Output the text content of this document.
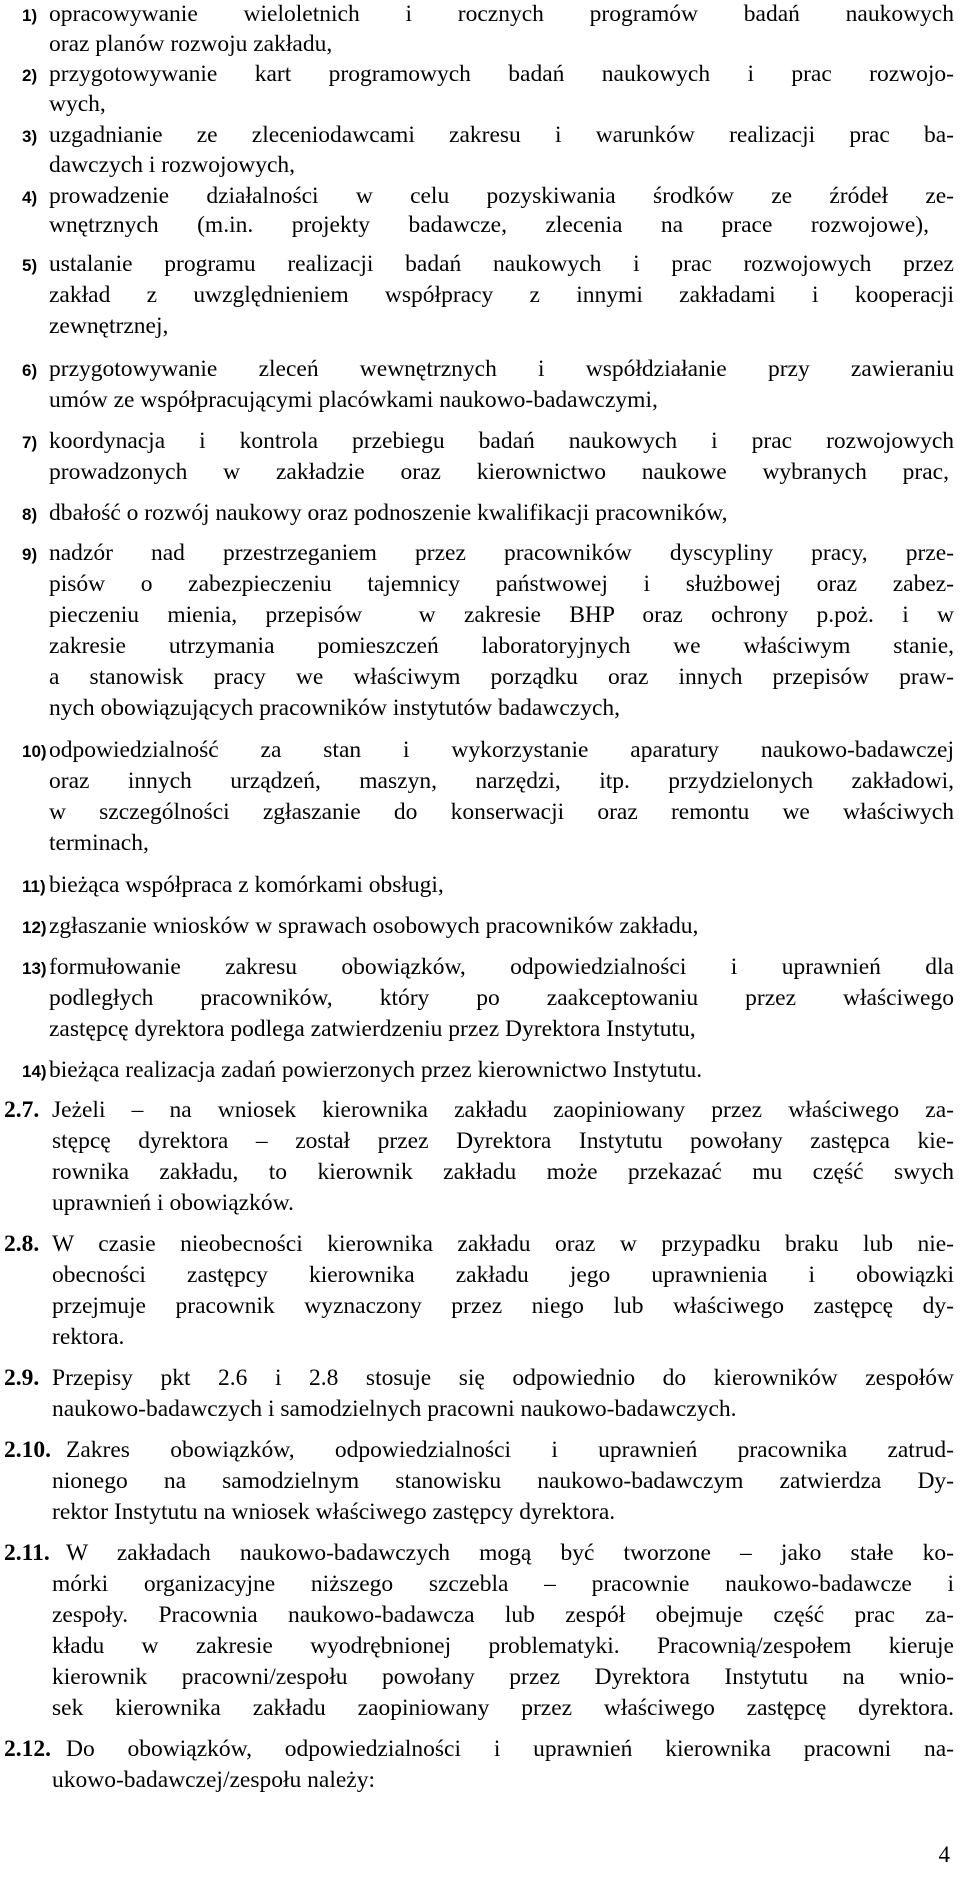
1) opracowywanie wieloletnich i rocznych programów badań naukowych
oraz planów rozwoju zakładu,
2) przygotowywanie kart programowych badań naukowych i prac rozwojo-
wych,
3) uzgadnianie ze zleceniodawcami zakresu i warunków realizacji prac ba-
dawczych i rozwojowych,
4) prowadzenie działalności w celu pozyskiwania środków ze źródeł ze-
wnętrznych (m.in. projekty badawcze, zlecenia na prace rozwojowe),
5) ustalanie programu realizacji badań naukowych i prac rozwojowych przez
zakład z uwzględnieniem współpracy z innymi zakładami i kooperacji
zewnętrznej,
6) przygotowywanie zleceń wewnętrznych i współdziałanie przy zawieraniu
umów ze współpracującymi placówkami naukowo-badawczymi,
7) koordynacja i kontrola przebiegu badań naukowych i prac rozwojowych
prowadzonych w zakładzie oraz kierownictwo naukowe wybranych prac,
8) dbałość o rozwój naukowy oraz podnoszenie kwalifikacji pracowników,
9) nadzór nad przestrzeganiem przez pracowników dyscypliny pracy, prze-
pisów o zabezpieczeniu tajemnicy państwowej i służbowej oraz zabez-
pieczeniu mienia, przepisów  w zakresie BHP oraz ochrony p.poż. i w
zakresie utrzymania pomieszczeń laboratoryjnych we właściwym stanie,
a stanowisk pracy we właściwym porządku oraz innych przepisów praw-
nych obowiązujących pracowników instytutów badawczych,
10) odpowiedzialność za stan i wykorzystanie aparatury naukowo-badawczej
oraz innych urządzeń, maszyn, narzędzi, itp. przydzielonych zakładowi,
w szczególności zgłaszanie do konserwacji oraz remontu we właściwych
terminach,
11) bieżąca współpraca z komórkami obsługi,
12) zgłaszanie wniosków w sprawach osobowych pracowników zakładu,
13) formułowanie zakresu obowiązków, odpowiedzialności i uprawnień dla
podległych pracowników, który po zaakceptowaniu przez właściwego
zastępcę dyrektora podlega zatwierdzeniu przez Dyrektora Instytutu,
14) bieżąca realizacja zadań powierzonych przez kierownictwo Instytutu.
2.7. Jeżeli – na wniosek kierownika zakładu zaopiniowany przez właściwego za-
stępcę dyrektora – został przez Dyrektora Instytutu powołany zastępca kie-
rownika zakładu, to kierownik zakładu może przekazać mu część swych
uprawnień i obowiązków.
2.8. W czasie nieobecności kierownika zakładu oraz w przypadku braku lub nie-
obecności zastępcy kierownika zakładu jego uprawnienia i obowiązki
przejmuje pracownik wyznaczony przez niego lub właściwego zastępcę dy-
rektora.
2.9. Przepisy pkt 2.6 i 2.8 stosuje się odpowiednio do kierowników zespołów
naukowo-badawczych i samodzielnych pracowni naukowo-badawczych.
2.10. Zakres obowiązków, odpowiedzialności i uprawnień pracownika zatrud-
nionego na samodzielnym stanowisku naukowo-badawczym zatwierdza Dy-
rektor Instytutu na wniosek właściwego zastępcy dyrektora.
2.11. W zakładach naukowo-badawczych mogą być tworzone – jako stałe ko-
mórki organizacyjne niższego szczebla – pracownie naukowo-badawcze i
zespoły. Pracownia naukowo-badawcza lub zespół obejmuje część prac za-
kładu w zakresie wyodrębnionej problematyki. Pracownią/zespołem kieruje
kierownik pracowni/zespołu powołany przez Dyrektora Instytutu na wnio-
sek kierownika zakładu zaopiniowany przez właściwego zastępcę dyrektora.
2.12. Do obowiązków, odpowiedzialności i uprawnień kierownika pracowni na-
ukowo-badawczej/zespołu należy:
4
